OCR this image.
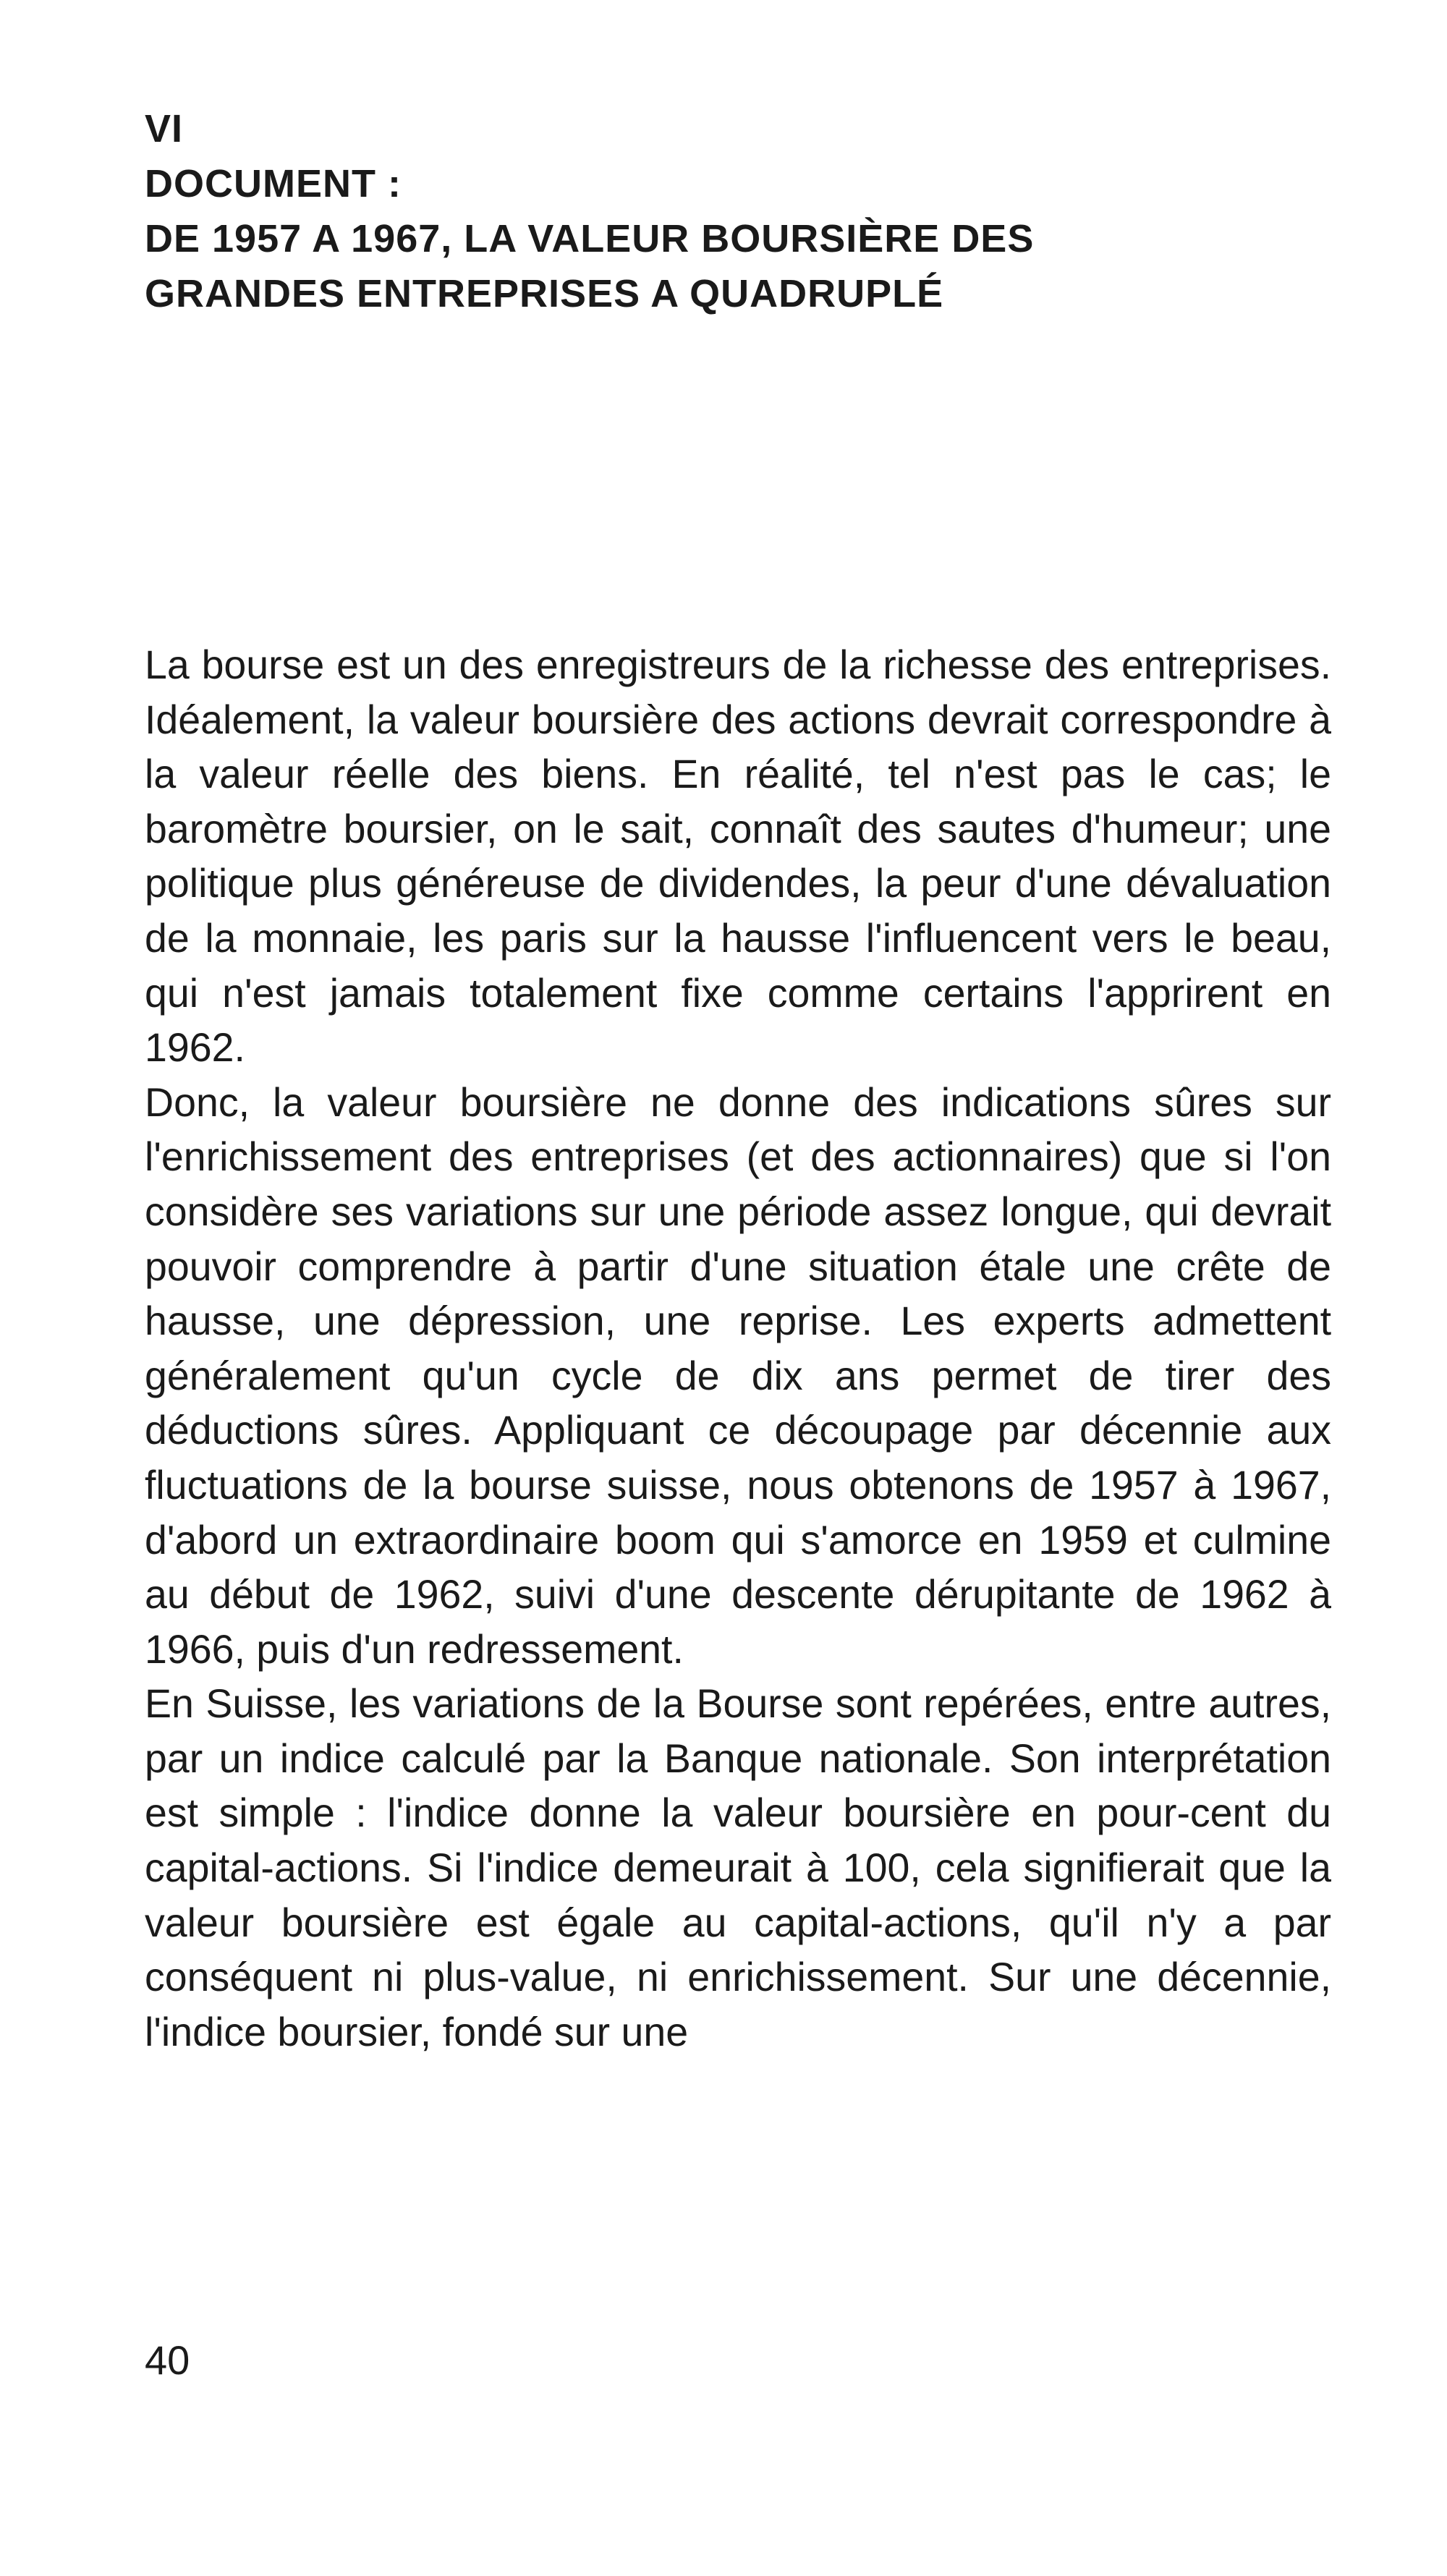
VI
DOCUMENT :
DE 1957 A 1967, LA VALEUR BOURSIÈRE DES
GRANDES ENTREPRISES A QUADRUPLÉ

La bourse est un des enregistreurs de la richesse des entreprises. Idéalement, la valeur boursière des actions devrait correspondre à la valeur réelle des biens. En réalité, tel n'est pas le cas; le baromètre boursier, on le sait, connaît des sautes d'humeur; une politique plus généreuse de dividendes, la peur d'une dévaluation de la monnaie, les paris sur la hausse l'influencent vers le beau, qui n'est jamais totalement fixe comme certains l'apprirent en 1962.

Donc, la valeur boursière ne donne des indications sûres sur l'enrichissement des entreprises (et des actionnaires) que si l'on considère ses variations sur une période assez longue, qui devrait pouvoir comprendre à partir d'une situation étale une crête de hausse, une dépression, une reprise. Les experts admettent généralement qu'un cycle de dix ans permet de tirer des déductions sûres. Appliquant ce découpage par décennie aux fluctuations de la bourse suisse, nous obtenons de 1957 à 1967, d'abord un extraordinaire boom qui s'amorce en 1959 et culmine au début de 1962, suivi d'une descente dérupitante de 1962 à 1966, puis d'un redressement.

En Suisse, les variations de la Bourse sont repérées, entre autres, par un indice calculé par la Banque nationale. Son interprétation est simple : l'indice donne la valeur boursière en pour-cent du capital-actions. Si l'indice demeurait à 100, cela signifierait que la valeur boursière est égale au capital-actions, qu'il n'y a par conséquent ni plus-value, ni enrichissement. Sur une décennie, l'indice boursier, fondé sur une

40
